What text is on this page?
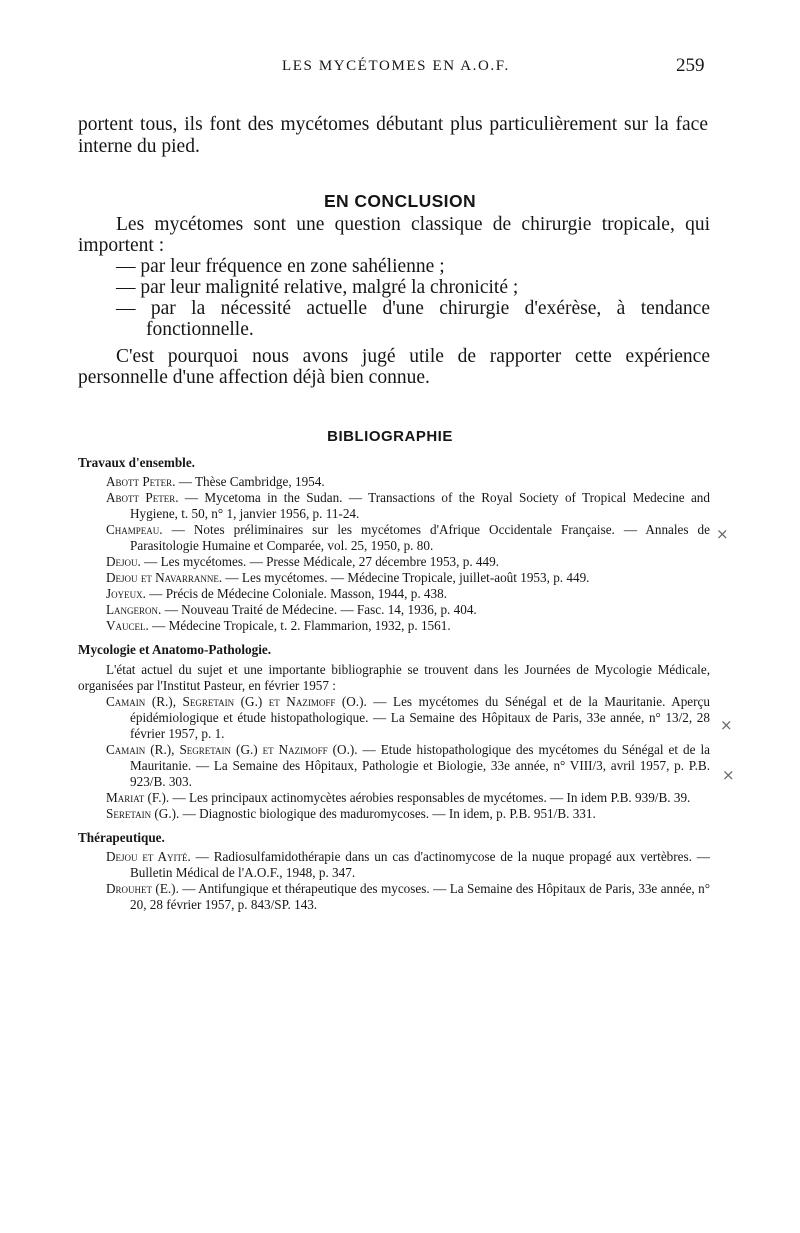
LES MYCÉTOMES EN A.O.F.	259

portent tous, ils font des mycétomes débutant plus particulièrement sur la face interne du pied.

EN CONCLUSION

Les mycétomes sont une question classique de chirurgie tropicale, qui importent :

— par leur fréquence en zone sahélienne ;
— par leur malignité relative, malgré la chronicité ;
— par la nécessité actuelle d'une chirurgie d'exérèse, à tendance fonctionnelle.

C'est pourquoi nous avons jugé utile de rapporter cette expérience personnelle d'une affection déjà bien connue.

BIBLIOGRAPHIE
Travaux d'ensemble.
Abott Peter. — Thèse Cambridge, 1954.
Abott Peter. — Mycetoma in the Sudan. — Transactions of the Royal Society of Tropical Medecine and Hygiene, t. 50, n° 1, janvier 1956, p. 11-24.
Champeau. — Notes préliminaires sur les mycétomes d'Afrique Occidentale Française. — Annales de Parasitologie Humaine et Comparée, vol. 25, 1950, p. 80.
Dejou. — Les mycétomes. — Presse Médicale, 27 décembre 1953, p. 449.
Dejou et Navarranne. — Les mycétomes. — Médecine Tropicale, juillet-août 1953, p. 449.
Joyeux. — Précis de Médecine Coloniale. Masson, 1944, p. 438.
Langeron. — Nouveau Traité de Médecine. — Fasc. 14, 1936, p. 404.
Vaucel. — Médecine Tropicale, t. 2. Flammarion, 1932, p. 1561.
Mycologie et Anatomo-Pathologie.

L'état actuel du sujet et une importante bibliographie se trouvent dans les Journées de Mycologie Médicale, organisées par l'Institut Pasteur, en février 1957 :

Camain (R.), Segretain (G.) et Nazimoff (O.). — Les mycétomes du Sénégal et de la Mauritanie. Aperçu épidémiologique et étude histopathologique. — La Semaine des Hôpitaux de Paris, 33e année, n° 13/2, 28 février 1957, p. 1.
Camain (R.), Segretain (G.) et Nazimoff (O.). — Etude histopathologique des mycétomes du Sénégal et de la Mauritanie. — La Semaine des Hôpitaux, Pathologie et Biologie, 33e année, n° VIII/3, avril 1957, p. P.B. 923/B. 303.
Mariat (F.). — Les principaux actinomycètes aérobies responsables de mycétomes. — In idem P.B. 939/B. 39.
Seretain (G.). — Diagnostic biologique des maduromycoses. — In idem, p. P.B. 951/B. 331.
Thérapeutique.
Dejou et Ayité. — Radiosulfamidothérapie dans un cas d'actinomycose de la nuque propagé aux vertèbres. — Bulletin Médical de l'A.O.F., 1948, p. 347.
Drouhet (E.). — Antifungique et thérapeutique des mycoses. — La Semaine des Hôpitaux de Paris, 33e année, n° 20, 28 février 1957, p. 843/SP. 143.
×
×
×
